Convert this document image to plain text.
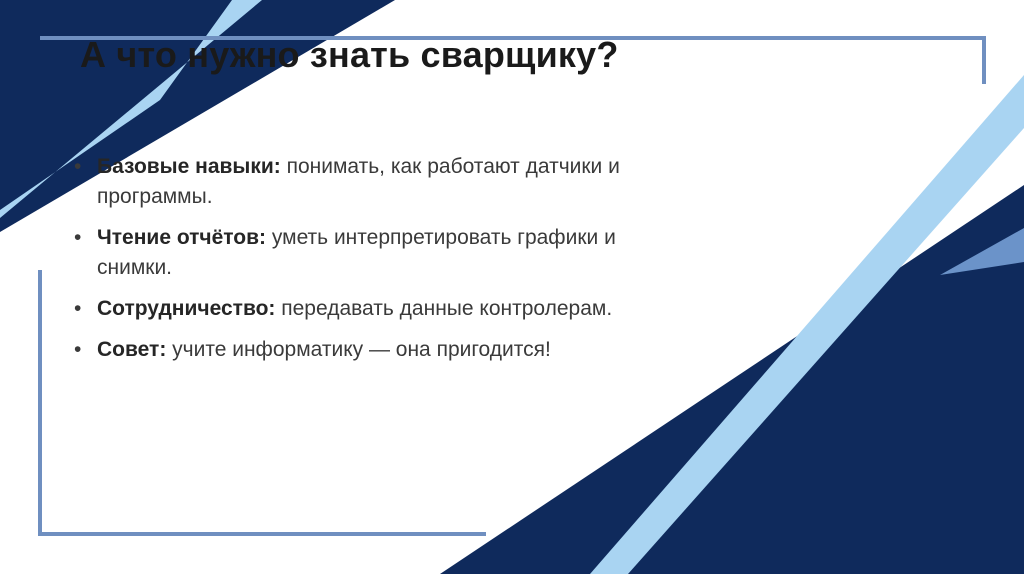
А что нужно знать сварщику?
• Базовые навыки: понимать, как работают датчики и программы.
• Чтение отчётов: уметь интерпретировать графики и снимки.
• Сотрудничество: передавать данные контролерам.
• Совет: учите информатику — она пригодится!
